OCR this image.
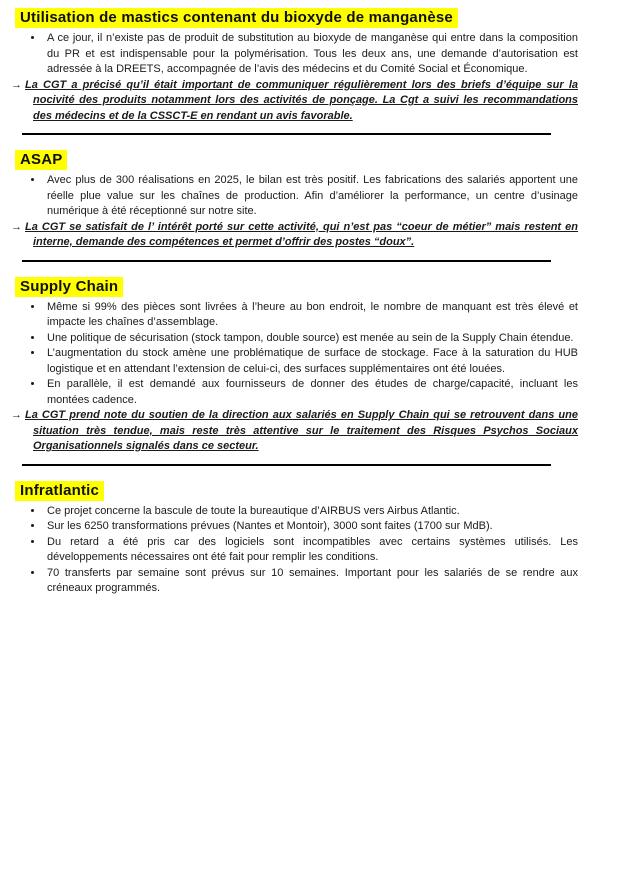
Utilisation de mastics contenant du bioxyde de manganèse

• A ce jour, il n’existe pas de produit de substitution au bioxyde de manganèse qui entre dans la composition du PR et est indispensable pour la polymérisation. Tous les deux ans, une demande d’autorisation est adressée à la DREETS, accompagnée de l’avis des médecins et du Comité Social et Économique.

→ La CGT a précisé qu’il était important de communiquer régulièrement lors des briefs d’équipe sur la nocivité des produits notamment lors des activités de ponçage. La Cgt a suivi les recommandations des médecins et de la CSSCT-E en rendant un avis favorable.

ASAP

• Avec plus de 300 réalisations en 2025, le bilan est très positif. Les fabrications des salariés apportent une réelle plue value sur les chaînes de production. Afin d’améliorer la performance, un centre d’usinage numérique à été réceptionné sur notre site.

→ La CGT se satisfait de l’ intérêt porté sur cette activité, qui n’est pas “coeur de métier” mais restent en interne, demande des compétences et permet d’offrir des postes “doux”.

Supply Chain

• Même si 99% des pièces sont livrées à l’heure au bon endroit, le nombre de manquant est très élevé et impacte les chaînes d’assemblage.
• Une politique de sécurisation (stock tampon, double source) est menée au sein de la Supply Chain étendue.
• L’augmentation du stock amène une problématique de surface de stockage. Face à la saturation du HUB logistique et en attendant l’extension de celui-ci, des surfaces supplémentaires ont été louées.
• En parallèle, il est demandé aux fournisseurs de donner des études de charge/capacité, incluant les montées cadence.

→ La CGT prend note du soutien de la direction aux salariés en Supply Chain qui se retrouvent dans une situation très tendue, mais reste très attentive sur le traitement des Risques Psychos Sociaux Organisationnels signalés dans ce secteur.

Infratlantic

• Ce projet concerne la bascule de toute la bureautique d’AIRBUS vers Airbus Atlantic.
• Sur les 6250 transformations prévues (Nantes et Montoir), 3000 sont faites (1700 sur MdB).
• Du retard a été pris car des logiciels sont incompatibles avec certains systèmes utilisés. Les développements nécessaires ont été fait pour remplir les conditions.
• 70 transferts par semaine sont prévus sur 10 semaines. Important pour les salariés de se rendre aux créneaux programmés.
